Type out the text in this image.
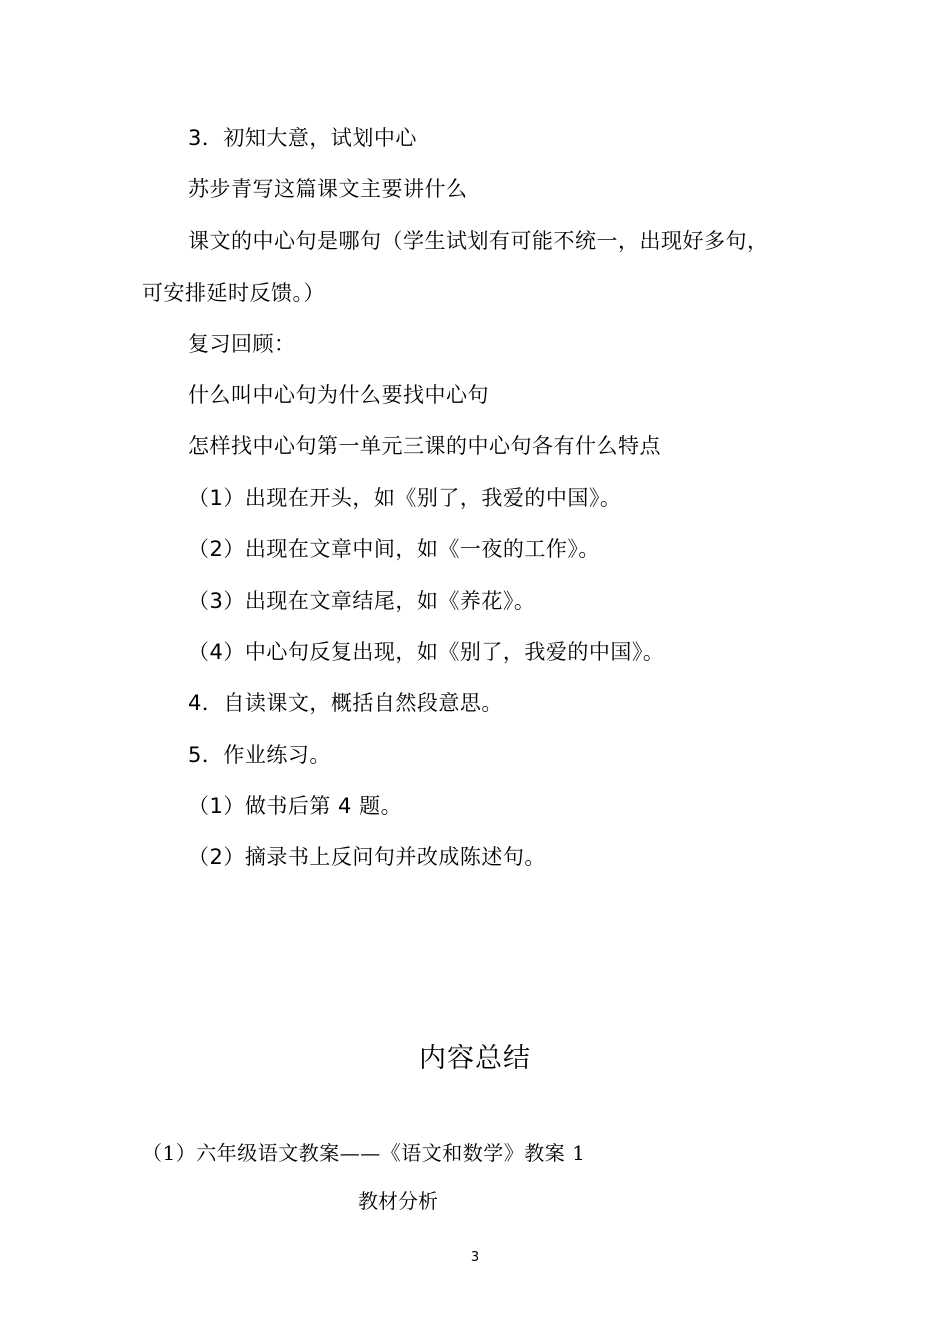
3．初知大意，试划中心
苏步青写这篇课文主要讲什么
课文的中心句是哪句（学生试划有可能不统一，出现好多句，
可安排延时反馈。）
复习回顾：
什么叫中心句为什么要找中心句
怎样找中心句第一单元三课的中心句各有什么特点
（1）出现在开头，如《别了，我爱的中国》。
（2）出现在文章中间，如《一夜的工作》。
（3）出现在文章结尾，如《养花》。
（4）中心句反复出现，如《别了，我爱的中国》。
4．自读课文，概括自然段意思。
5．作业练习。
（1）做书后第 4 题。
（2）摘录书上反问句并改成陈述句。
内容总结
（1）六年级语文教案——《语文和数学》教案 1
教材分析
3
